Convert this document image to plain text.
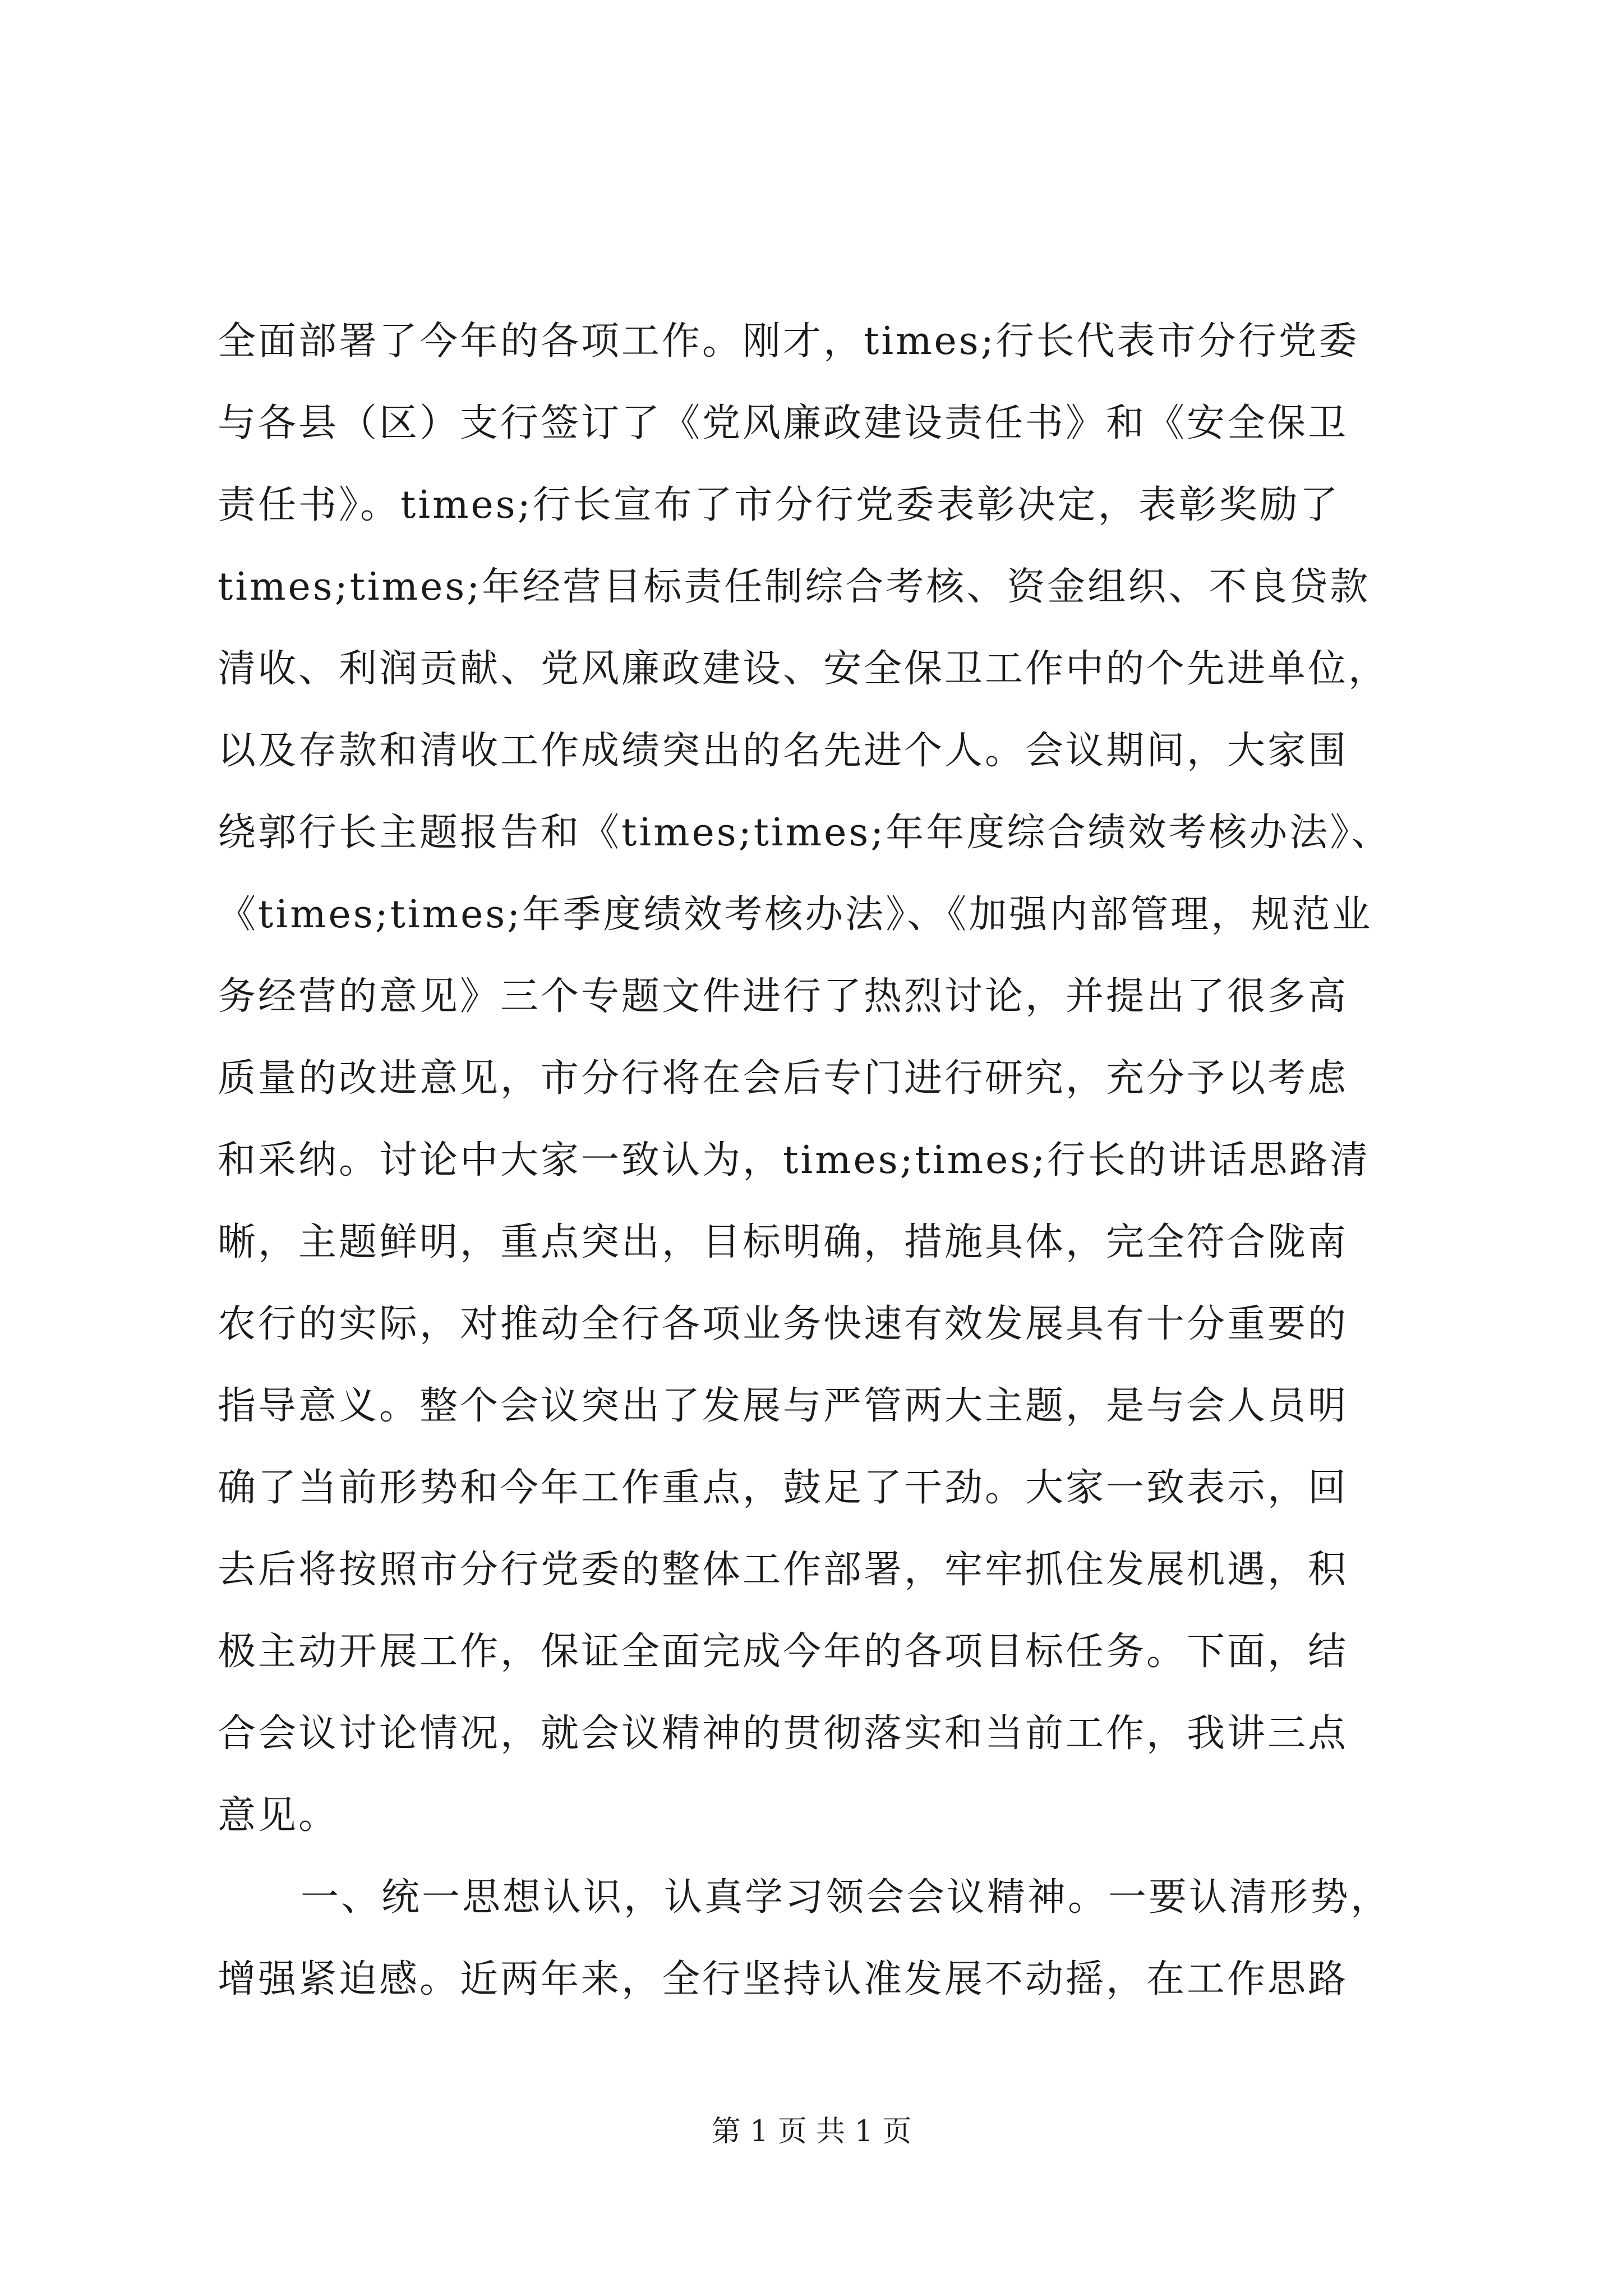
全面部署了今年的各项工作。刚才，times;行长代表市分行党委
与各县（区）支行签订了《党风廉政建设责任书》和《安全保卫
责任书》。times;行长宣布了市分行党委表彰决定，表彰奖励了
times;times;年经营目标责任制综合考核、资金组织、不良贷款
清收、利润贡献、党风廉政建设、安全保卫工作中的个先进单位，
以及存款和清收工作成绩突出的名先进个人。会议期间，大家围
绕郭行长主题报告和《times;times;年年度综合绩效考核办法》、
《times;times;年季度绩效考核办法》、《加强内部管理，规范业
务经营的意见》三个专题文件进行了热烈讨论，并提出了很多高
质量的改进意见，市分行将在会后专门进行研究，充分予以考虑
和采纳。讨论中大家一致认为，times;times;行长的讲话思路清
晰，主题鲜明，重点突出，目标明确，措施具体，完全符合陇南
农行的实际，对推动全行各项业务快速有效发展具有十分重要的
指导意义。整个会议突出了发展与严管两大主题，是与会人员明
确了当前形势和今年工作重点，鼓足了干劲。大家一致表示，回
去后将按照市分行党委的整体工作部署，牢牢抓住发展机遇，积
极主动开展工作，保证全面完成今年的各项目标任务。下面，结
合会议讨论情况，就会议精神的贯彻落实和当前工作，我讲三点
意见。
一、统一思想认识，认真学习领会会议精神。一要认清形势，
增强紧迫感。近两年来，全行坚持认准发展不动摇，在工作思路
第 1 页 共 1 页
